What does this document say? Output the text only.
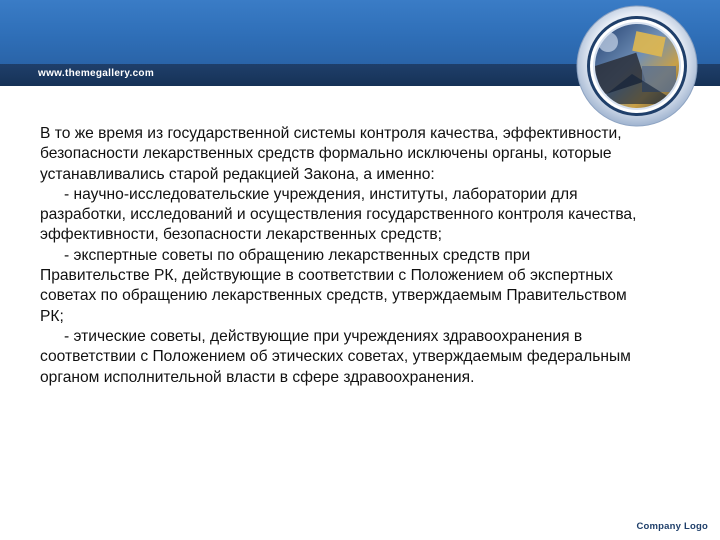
www.themegallery.com

В то же время из государственной системы контроля качества, эффективности, безопасности лекарственных средств формально исключены органы, которые устанавливались старой редакцией Закона, а именно:

- научно-исследовательские учреждения, институты, лаборатории для разработки, исследований и осуществления государственного контроля качества, эффективности, безопасности лекарственных средств;

- экспертные советы по обращению лекарственных средств при Правительстве РК, действующие в соответствии с Положением об экспертных советах по обращению лекарственных средств, утверждаемым Правительством РК;

- этические советы, действующие при учреждениях здравоохранения в соответствии с Положением об этических советах, утверждаемым федеральным органом исполнительной власти в сфере здравоохранения.

Company Logo
